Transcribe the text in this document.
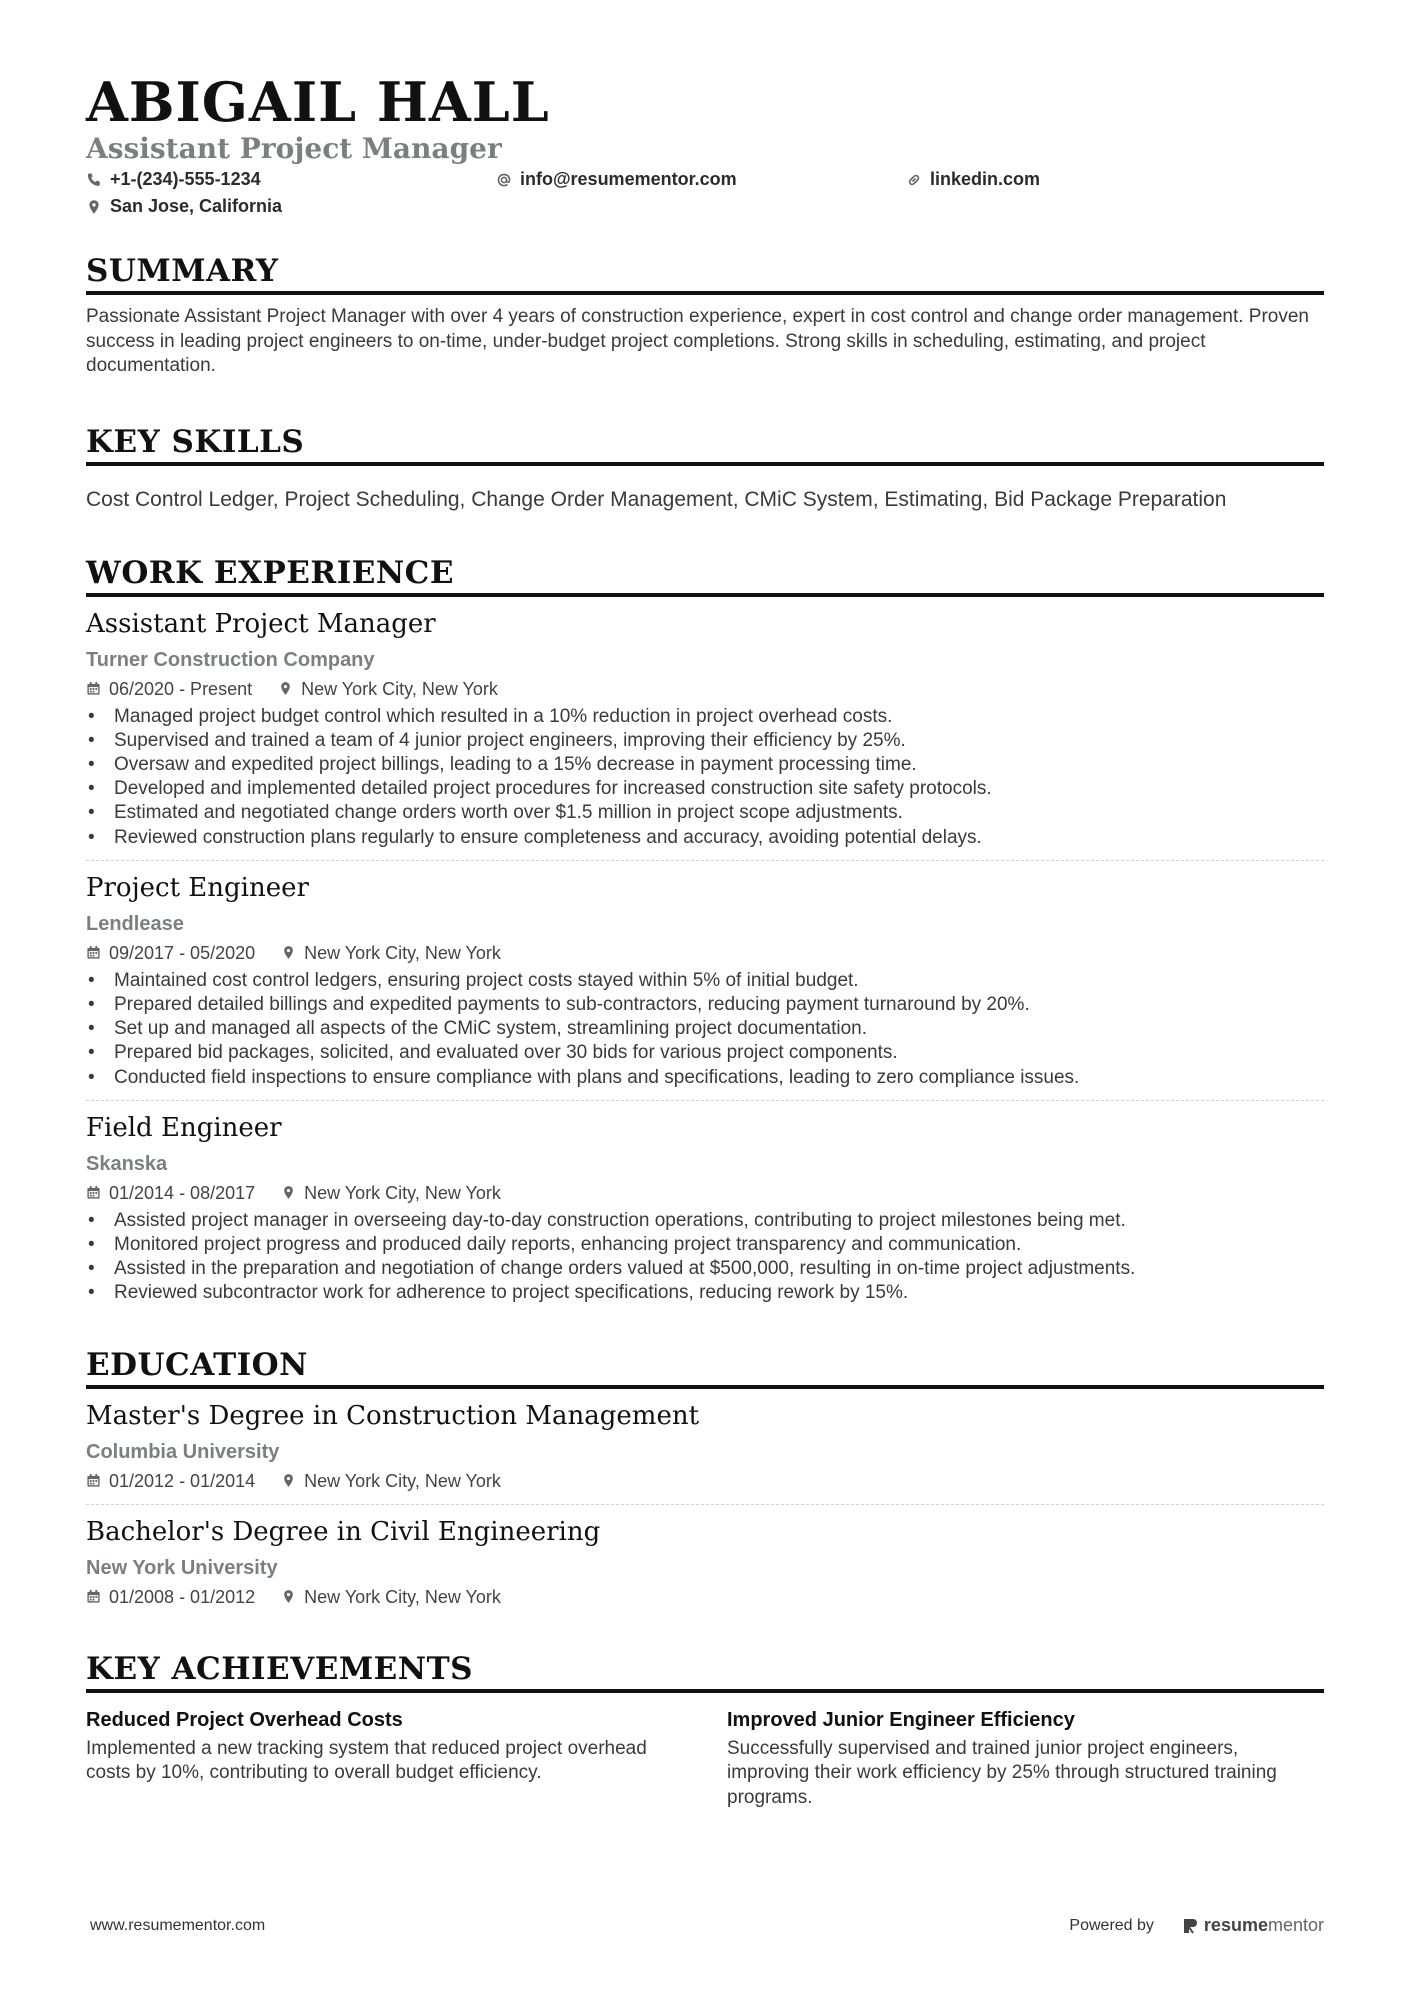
ABIGAIL HALL
Assistant Project Manager
+1-(234)-555-1234	info@resumementor.com	linkedin.com
San Jose, California
SUMMARY

Passionate Assistant Project Manager with over 4 years of construction experience, expert in cost control and change order management. Proven success in leading project engineers to on-time, under-budget project completions. Strong skills in scheduling, estimating, and project documentation.

KEY SKILLS

Cost Control Ledger, Project Scheduling, Change Order Management, CMiC System, Estimating, Bid Package Preparation

WORK EXPERIENCE
Assistant Project Manager
Turner Construction Company
06/2020 - Present	New York City, New York
• Managed project budget control which resulted in a 10% reduction in project overhead costs.
• Supervised and trained a team of 4 junior project engineers, improving their efficiency by 25%.
• Oversaw and expedited project billings, leading to a 15% decrease in payment processing time.
• Developed and implemented detailed project procedures for increased construction site safety protocols.
• Estimated and negotiated change orders worth over $1.5 million in project scope adjustments.
• Reviewed construction plans regularly to ensure completeness and accuracy, avoiding potential delays.
Project Engineer
Lendlease
09/2017 - 05/2020	New York City, New York
• Maintained cost control ledgers, ensuring project costs stayed within 5% of initial budget.
• Prepared detailed billings and expedited payments to sub-contractors, reducing payment turnaround by 20%.
• Set up and managed all aspects of the CMiC system, streamlining project documentation.
• Prepared bid packages, solicited, and evaluated over 30 bids for various project components.
• Conducted field inspections to ensure compliance with plans and specifications, leading to zero compliance issues.
Field Engineer
Skanska
01/2014 - 08/2017	New York City, New York
• Assisted project manager in overseeing day-to-day construction operations, contributing to project milestones being met.
• Monitored project progress and produced daily reports, enhancing project transparency and communication.
• Assisted in the preparation and negotiation of change orders valued at $500,000, resulting in on-time project adjustments.
• Reviewed subcontractor work for adherence to project specifications, reducing rework by 15%.
EDUCATION
Master's Degree in Construction Management
Columbia University
01/2012 - 01/2014	New York City, New York
Bachelor's Degree in Civil Engineering
New York University
01/2008 - 01/2012	New York City, New York
KEY ACHIEVEMENTS
Reduced Project Overhead Costs
Implemented a new tracking system that reduced project overhead costs by 10%, contributing to overall budget efficiency.
Improved Junior Engineer Efficiency
Successfully supervised and trained junior project engineers, improving their work efficiency by 25% through structured training programs.
www.resumementor.com	Powered by	resumementor
